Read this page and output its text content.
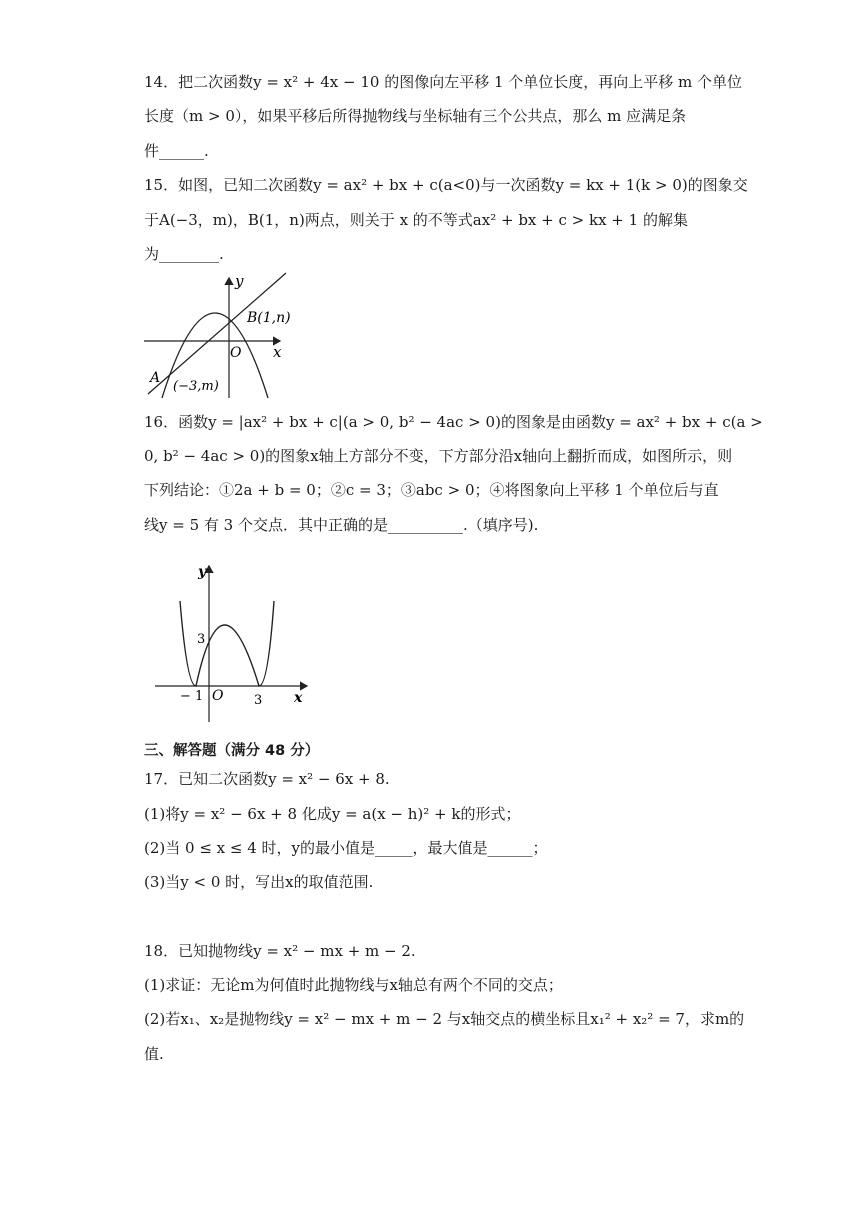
14．把二次函数y = x² + 4x − 10 的图像向左平移 1 个单位长度，再向上平移 m 个单位
长度（m > 0），如果平移后所得抛物线与坐标轴有三个公共点，那么 m 应满足条
件______.
15．如图，已知二次函数y = ax² + bx + c(a<0)与一次函数y = kx + 1(k > 0)的图象交
于A(−3，m)，B(1，n)两点，则关于 x 的不等式ax² + bx + c > kx + 1 的解集
为________.
y
x
O
B(1,n)
A
(−3,m)
16．函数y = |ax² + bx + c|(a > 0, b² − 4ac > 0)的图象是由函数y = ax² + bx + c(a >
0, b² − 4ac > 0)的图象x轴上方部分不变，下方部分沿x轴向上翻折而成，如图所示，则
下列结论：①2a + b = 0；②c = 3；③abc > 0；④将图象向上平移 1 个单位后与直
线y = 5 有 3 个交点．其中正确的是__________.（填序号).
y
x
3
− 1 O 3
三、解答题（满分 48 分）
17．已知二次函数y = x² − 6x + 8.
(1)将y = x² − 6x + 8 化成y = a(x − h)² + k的形式；
(2)当 0 ≤ x ≤ 4 时，y的最小值是_____，最大值是______；
(3)当y < 0 时，写出x的取值范围.
18．已知抛物线y = x² − mx + m − 2.
(1)求证：无论m为何值时此抛物线与x轴总有两个不同的交点；
(2)若x₁、x₂是抛物线y = x² − mx + m − 2 与x轴交点的横坐标且x₁² + x₂² = 7，求m的
值.
